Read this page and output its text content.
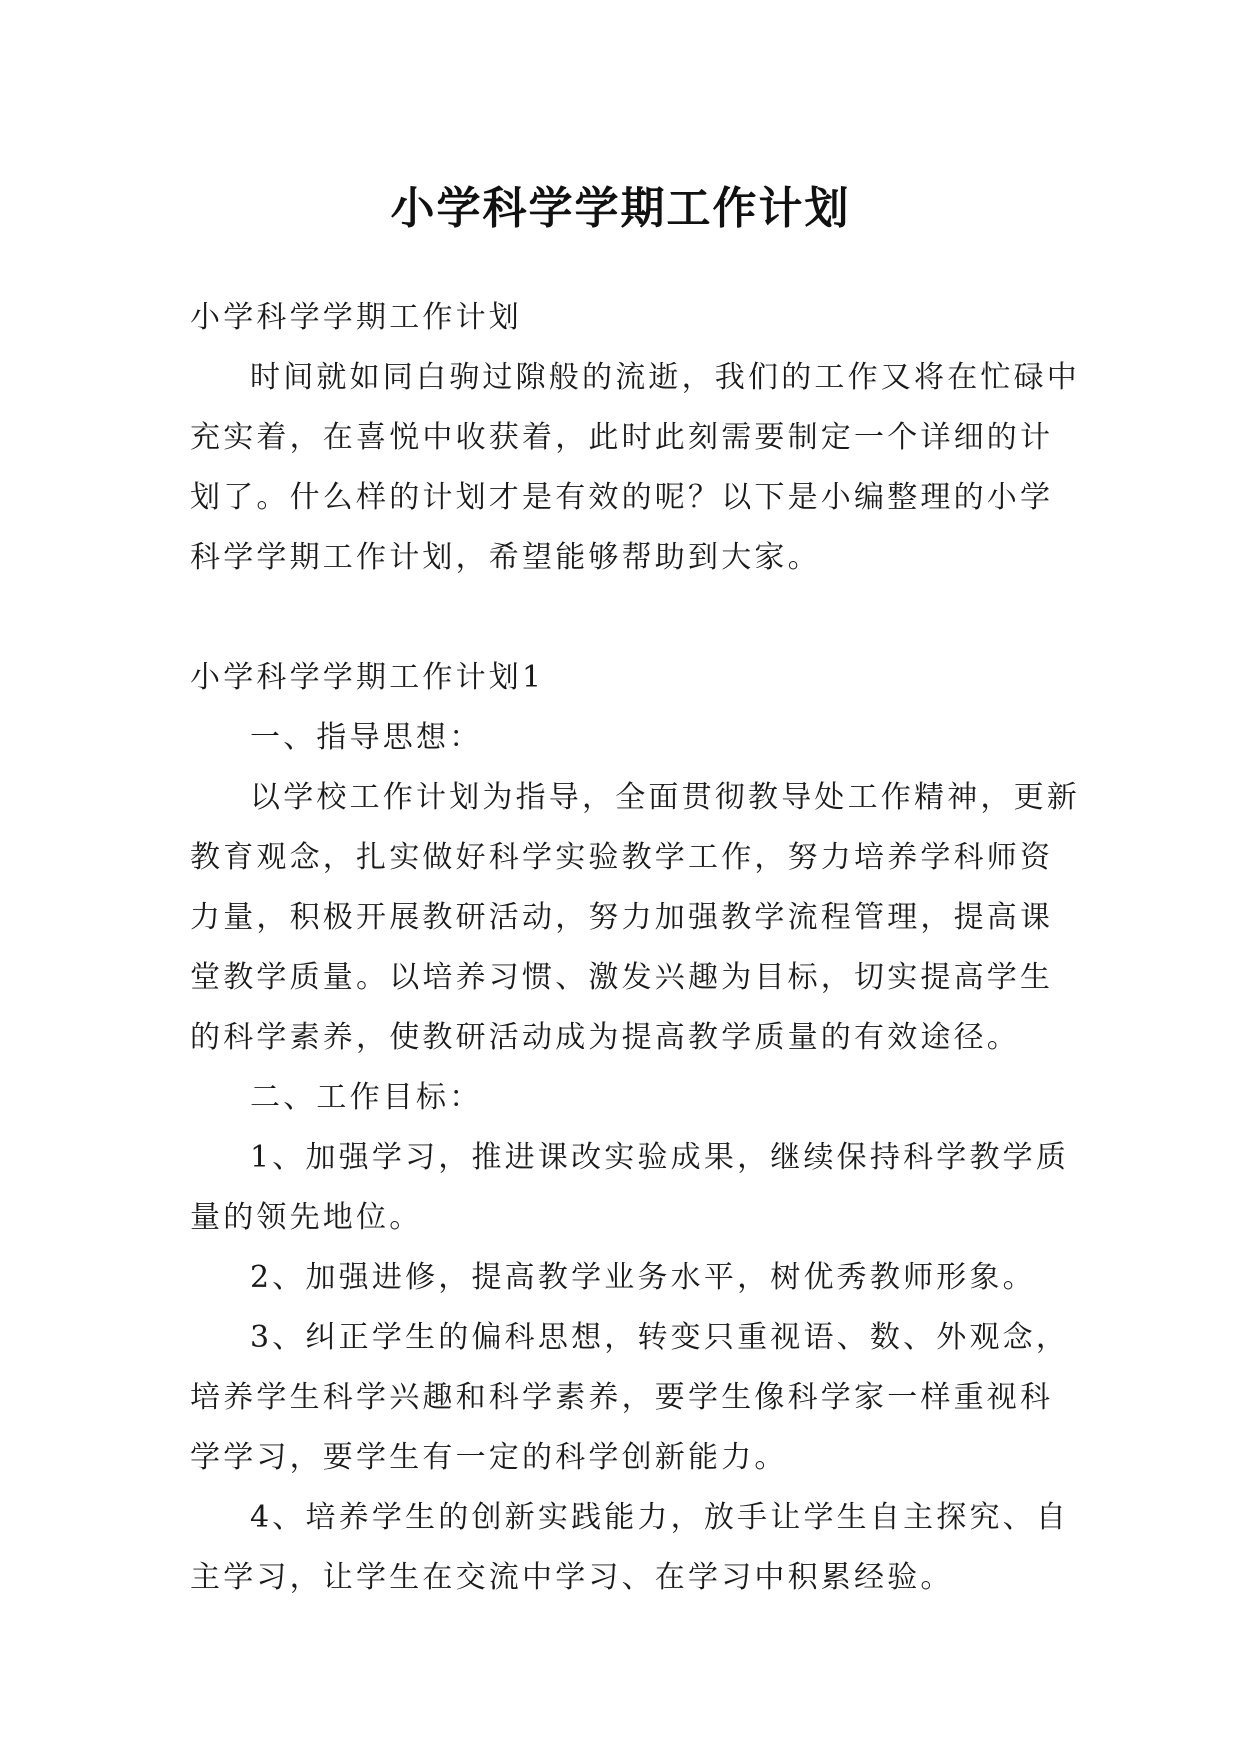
小学科学学期工作计划

小学科学学期工作计划

时间就如同白驹过隙般的流逝，我们的工作又将在忙碌中充实着，在喜悦中收获着，此时此刻需要制定一个详细的计划了。什么样的计划才是有效的呢？以下是小编整理的小学科学学期工作计划，希望能够帮助到大家。

小学科学学期工作计划1

一、指导思想：

以学校工作计划为指导，全面贯彻教导处工作精神，更新教育观念，扎实做好科学实验教学工作，努力培养学科师资力量，积极开展教研活动，努力加强教学流程管理，提高课堂教学质量。以培养习惯、激发兴趣为目标，切实提高学生的科学素养，使教研活动成为提高教学质量的有效途径。

二、工作目标：

1、加强学习，推进课改实验成果，继续保持科学教学质量的领先地位。

2、加强进修，提高教学业务水平，树优秀教师形象。

3、纠正学生的偏科思想，转变只重视语、数、外观念，培养学生科学兴趣和科学素养，要学生像科学家一样重视科学学习，要学生有一定的科学创新能力。

4、培养学生的创新实践能力，放手让学生自主探究、自主学习，让学生在交流中学习、在学习中积累经验。
